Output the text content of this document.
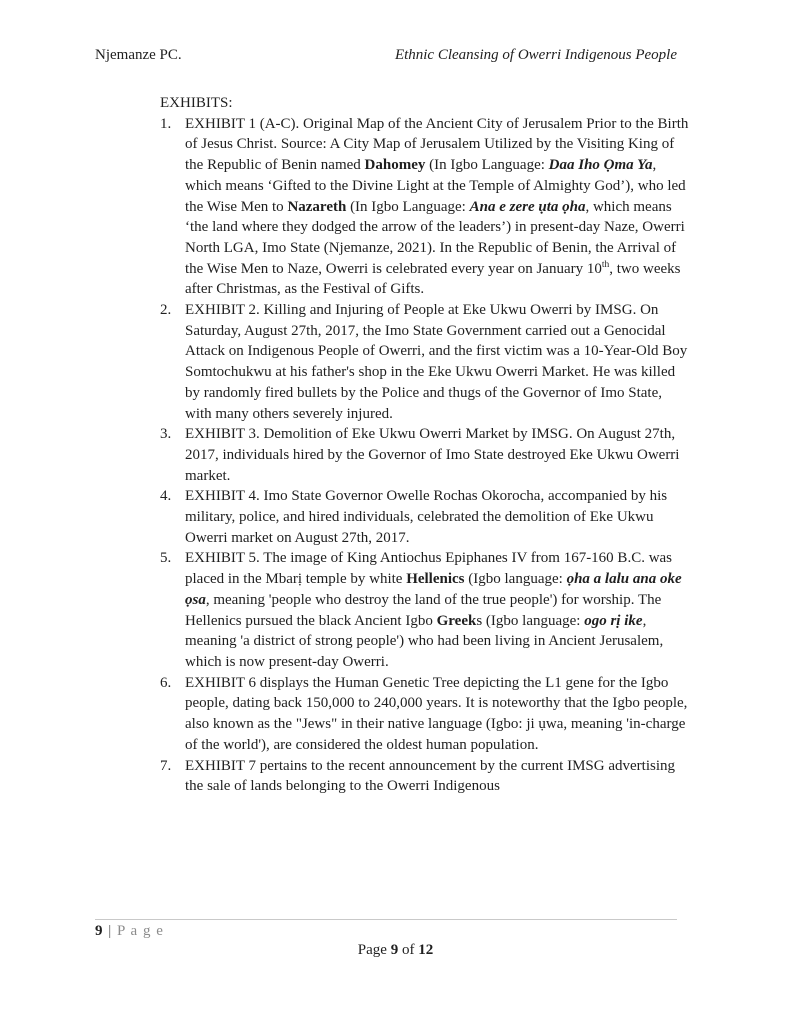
Njemanze PC.	Ethnic Cleansing of Owerri Indigenous People

EXHIBITS:

1. EXHIBIT 1 (A-C). Original Map of the Ancient City of Jerusalem Prior to the Birth of Jesus Christ. Source: A City Map of Jerusalem Utilized by the Visiting King of the Republic of Benin named Dahomey (In Igbo Language: Daa Iho Ọma Ya, which means ‘Gifted to the Divine Light at the Temple of Almighty God’), who led the Wise Men to Nazareth (In Igbo Language: Ana e zere ụta ọha, which means ‘the land where they dodged the arrow of the leaders’) in present-day Naze, Owerri North LGA, Imo State (Njemanze, 2021). In the Republic of Benin, the Arrival of the Wise Men to Naze, Owerri is celebrated every year on January 10th, two weeks after Christmas, as the Festival of Gifts.
2. EXHIBIT 2. Killing and Injuring of People at Eke Ukwu Owerri by IMSG. On Saturday, August 27th, 2017, the Imo State Government carried out a Genocidal Attack on Indigenous People of Owerri, and the first victim was a 10-Year-Old Boy Somtochukwu at his father's shop in the Eke Ukwu Owerri Market. He was killed by randomly fired bullets by the Police and thugs of the Governor of Imo State, with many others severely injured.
3. EXHIBIT 3. Demolition of Eke Ukwu Owerri Market by IMSG. On August 27th, 2017, individuals hired by the Governor of Imo State destroyed Eke Ukwu Owerri market.
4. EXHIBIT 4. Imo State Governor Owelle Rochas Okorocha, accompanied by his military, police, and hired individuals, celebrated the demolition of Eke Ukwu Owerri market on August 27th, 2017.
5. EXHIBIT 5. The image of King Antiochus Epiphanes IV from 167-160 B.C. was placed in the Mbarị temple by white Hellenics (Igbo language: ọha a lalu ana oke ọsa, meaning 'people who destroy the land of the true people') for worship. The Hellenics pursued the black Ancient Igbo Greeks (Igbo language: ogo rị ike, meaning 'a district of strong people') who had been living in Ancient Jerusalem, which is now present-day Owerri.
6. EXHIBIT 6 displays the Human Genetic Tree depicting the L1 gene for the Igbo people, dating back 150,000 to 240,000 years. It is noteworthy that the Igbo people, also known as the "Jews" in their native language (Igbo: ji ụwa, meaning 'in-charge of the world'), are considered the oldest human population.
7. EXHIBIT 7 pertains to the recent announcement by the current IMSG advertising the sale of lands belonging to the Owerri Indigenous
9 | P a g e
Page 9 of 12
